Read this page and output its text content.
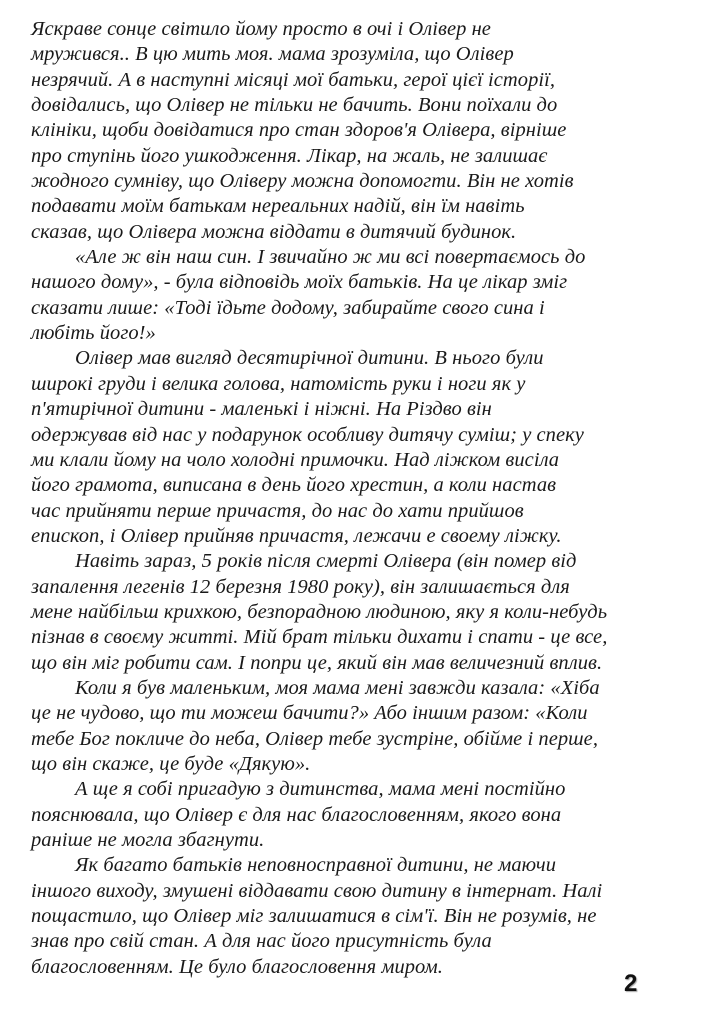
Яскраве сонце світило йому просто в очі і Олівер не
мружився.. В цю мить моя. мама зрозуміла, що Олівер
незрячий. А в наступні місяці мої батьки, герої цієї історії,
довідались, що Олівер не тільки не бачить. Вони поїхали до
клініки, щоби довідатися про стан здоров'я Олівера, вірніше
про ступінь його ушкодження. Лікар, на жаль, не залишає
жодного сумніву, що Оліверу можна допомогти. Він не хотів
подавати моїм батькам нереальних надій, він їм навіть
сказав, що Олівера можна віддати в дитячий будинок.
«Але ж він наш син. І звичайно ж ми всі повертаємось до
нашого дому», - була відповідь моїх батьків. На це лікар зміг
сказати лише: «Тоді їдьте додому, забирайте свого сина і
любіть його!»
Олівер мав вигляд десятирічної дитини. В нього були
широкі груди і велика голова, натомість руки і ноги як у
п'ятирічної дитини - маленькі і ніжні. На Різдво він
одержував від нас у подарунок особливу дитячу суміш; у спеку
ми клали йому на чоло холодні примочки. Над ліжком висіла
його грамота, виписана в день його хрестин, а коли настав
час прийняти перше причастя, до нас до хати прийшов
епископ, і Олівер прийняв причастя, лежачи е своему ліжку.
Навіть зараз, 5 років після смерті Олівера (він помер від
запалення легенів 12 березня 1980 року), він залишається для
мене найбільш крихкою, безпорадною людиною, яку я коли-небудь
пізнав в своєму житті. Мій брат тільки дихати і спати - це все,
що він міг робити сам. І попри це, який він мав величезний вплив.
Коли я був маленьким, моя мама мені завжди казала: «Хіба
це не чудово, що ти можеш бачити?» Або іншим разом: «Коли
тебе Бог покличе до неба, Олівер тебе зустріне, обійме і перше,
що він скаже, це буде «Дякую».
А ще я собі пригадую з дитинства, мама мені постійно
пояснювала, що Олівер є для нас благословенням, якого вона
раніше не могла збагнути.
Як багато батьків неповносправної дитини, не маючи
іншого виходу, змушені віддавати свою дитину в інтернат. Налі
пощастило, що Олівер міг залишатися в сім'ї. Він не розумів, не
знав про свій стан. А для нас його присутність була
благословенням. Це було благословення миром.
2
